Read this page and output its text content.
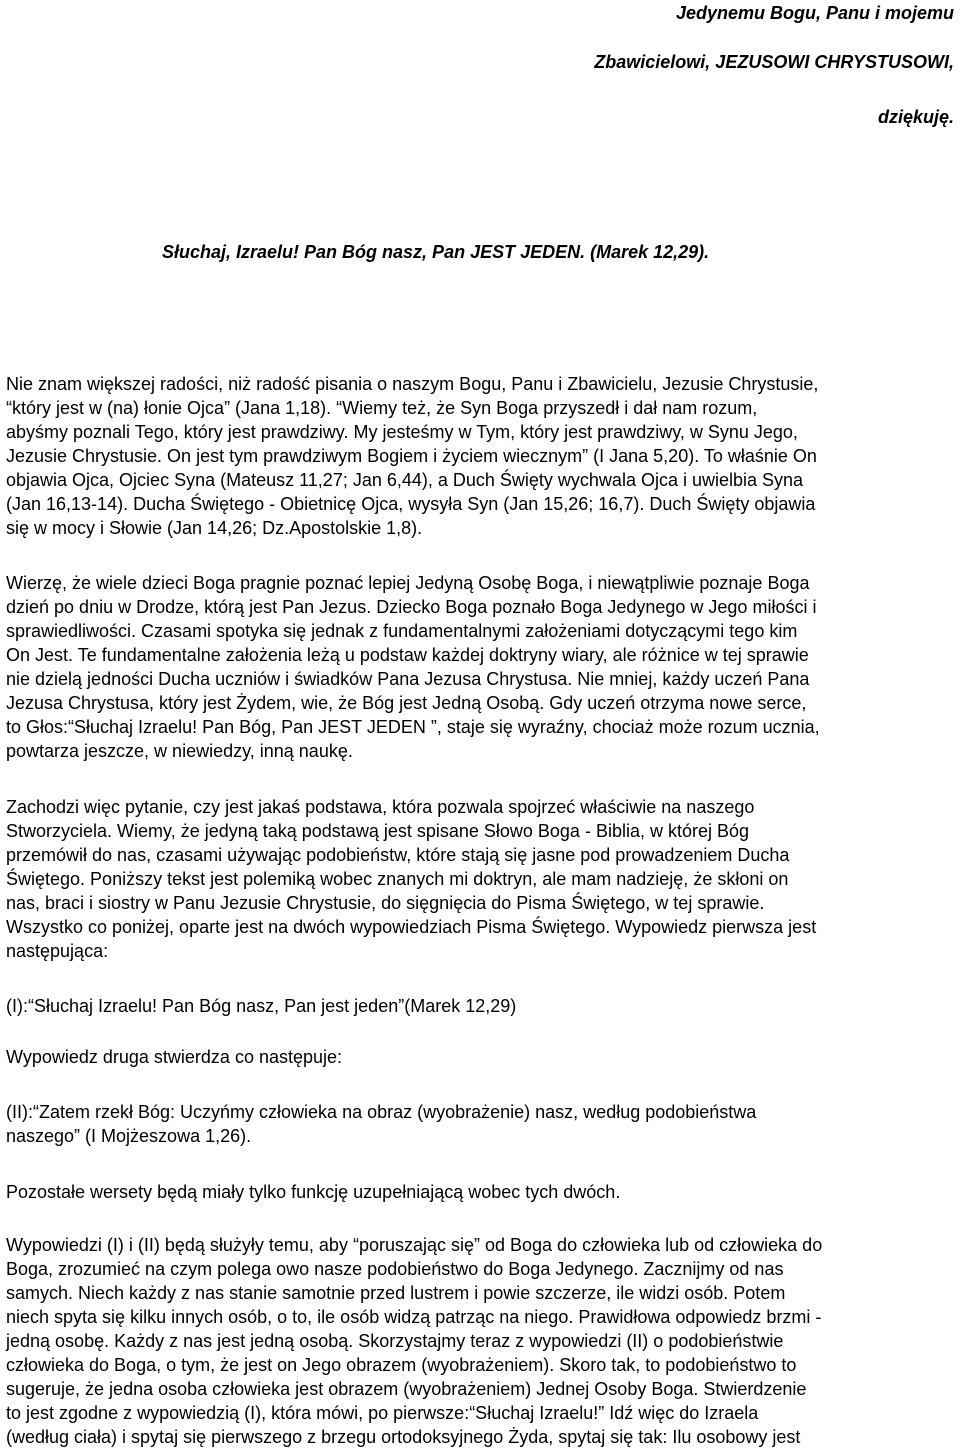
Jedynemu Bogu, Panu i mojemu
Zbawicielowi, JEZUSOWI CHRYSTUSOWI,
dziękuję.
Słuchaj, Izraelu! Pan Bóg nasz, Pan JEST JEDEN. (Marek 12,29).
Nie znam większej radości, niż radość pisania o naszym Bogu, Panu i Zbawicielu, Jezusie Chrystusie,
“który jest w (na) łonie Ojca” (Jana 1,18). “Wiemy też, że Syn Boga przyszedł i dał nam rozum,
abyśmy poznali Tego, który jest prawdziwy. My jesteśmy w Tym, który jest prawdziwy, w Synu Jego,
Jezusie Chrystusie. On jest tym prawdziwym Bogiem i życiem wiecznym” (I Jana 5,20). To właśnie On
objawia Ojca, Ojciec Syna (Mateusz 11,27; Jan 6,44), a Duch Święty wychwala Ojca i uwielbia Syna
(Jan 16,13-14). Ducha Świętego - Obietnicę Ojca, wysyła Syn (Jan 15,26; 16,7). Duch Święty objawia
się w mocy i Słowie (Jan 14,26; Dz.Apostolskie 1,8).
Wierzę, że wiele dzieci Boga pragnie poznać lepiej Jedyną Osobę Boga, i niewątpliwie poznaje Boga
dzień po dniu w Drodze, którą jest Pan Jezus. Dziecko Boga poznało Boga Jedynego w Jego miłości i
sprawiedliwości. Czasami spotyka się jednak z fundamentalnymi założeniami dotyczącymi tego kim
On Jest. Te fundamentalne założenia leżą u podstaw każdej doktryny wiary, ale różnice w tej sprawie
nie dzielą jedności Ducha uczniów i świadków Pana Jezusa Chrystusa. Nie mniej, każdy uczeń Pana
Jezusa Chrystusa, który jest Żydem, wie, że Bóg jest Jedną Osobą. Gdy uczeń otrzyma nowe serce,
to Głos:“Słuchaj Izraelu! Pan Bóg, Pan JEST JEDEN ”, staje się wyraźny, chociaż może rozum ucznia,
powtarza jeszcze, w niewiedzy, inną naukę.
Zachodzi więc pytanie, czy jest jakaś podstawa, która pozwala spojrzeć właściwie na naszego
Stworzyciela. Wiemy, że jedyną taką podstawą jest spisane Słowo Boga - Biblia, w której Bóg
przemówił do nas, czasami używając podobieństw, które stają się jasne pod prowadzeniem Ducha
Świętego. Poniższy tekst jest polemiką wobec znanych mi doktryn, ale mam nadzieję, że skłoni on
nas, braci i siostry w Panu Jezusie Chrystusie, do sięgnięcia do Pisma Świętego, w tej sprawie.
Wszystko co poniżej, oparte jest na dwóch wypowiedziach Pisma Świętego. Wypowiedz pierwsza jest
następująca:
(I):“Słuchaj Izraelu! Pan Bóg nasz, Pan jest jeden”(Marek 12,29)
Wypowiedz druga stwierdza co następuje:
(II):“Zatem rzekł Bóg: Uczyńmy człowieka na obraz (wyobrażenie) nasz, według podobieństwa
naszego” (I Mojżeszowa 1,26).
Pozostałe wersety będą miały tylko funkcję uzupełniającą wobec tych dwóch.
Wypowiedzi (I) i (II) będą służyły temu, aby “poruszając się” od Boga do człowieka lub od człowieka do
Boga, zrozumieć na czym polega owo nasze podobieństwo do Boga Jedynego. Zacznijmy od nas
samych. Niech każdy z nas stanie samotnie przed lustrem i powie szczerze, ile widzi osób. Potem
niech spyta się kilku innych osób, o to, ile osób widzą patrząc na niego. Prawidłowa odpowiedz brzmi -
jedną osobę. Każdy z nas jest jedną osobą. Skorzystajmy teraz z wypowiedzi (II) o podobieństwie
człowieka do Boga, o tym, że jest on Jego obrazem (wyobrażeniem). Skoro tak, to podobieństwo to
sugeruje, że jedna osoba człowieka jest obrazem (wyobrażeniem) Jednej Osoby Boga. Stwierdzenie
to jest zgodne z wypowiedzią (I), która mówi, po pierwsze:“Słuchaj Izraelu!” Idź więc do Izraela
(według ciała) i spytaj się pierwszego z brzegu ortodoksyjnego Żyda, spytaj się tak: Ilu osobowy jest
